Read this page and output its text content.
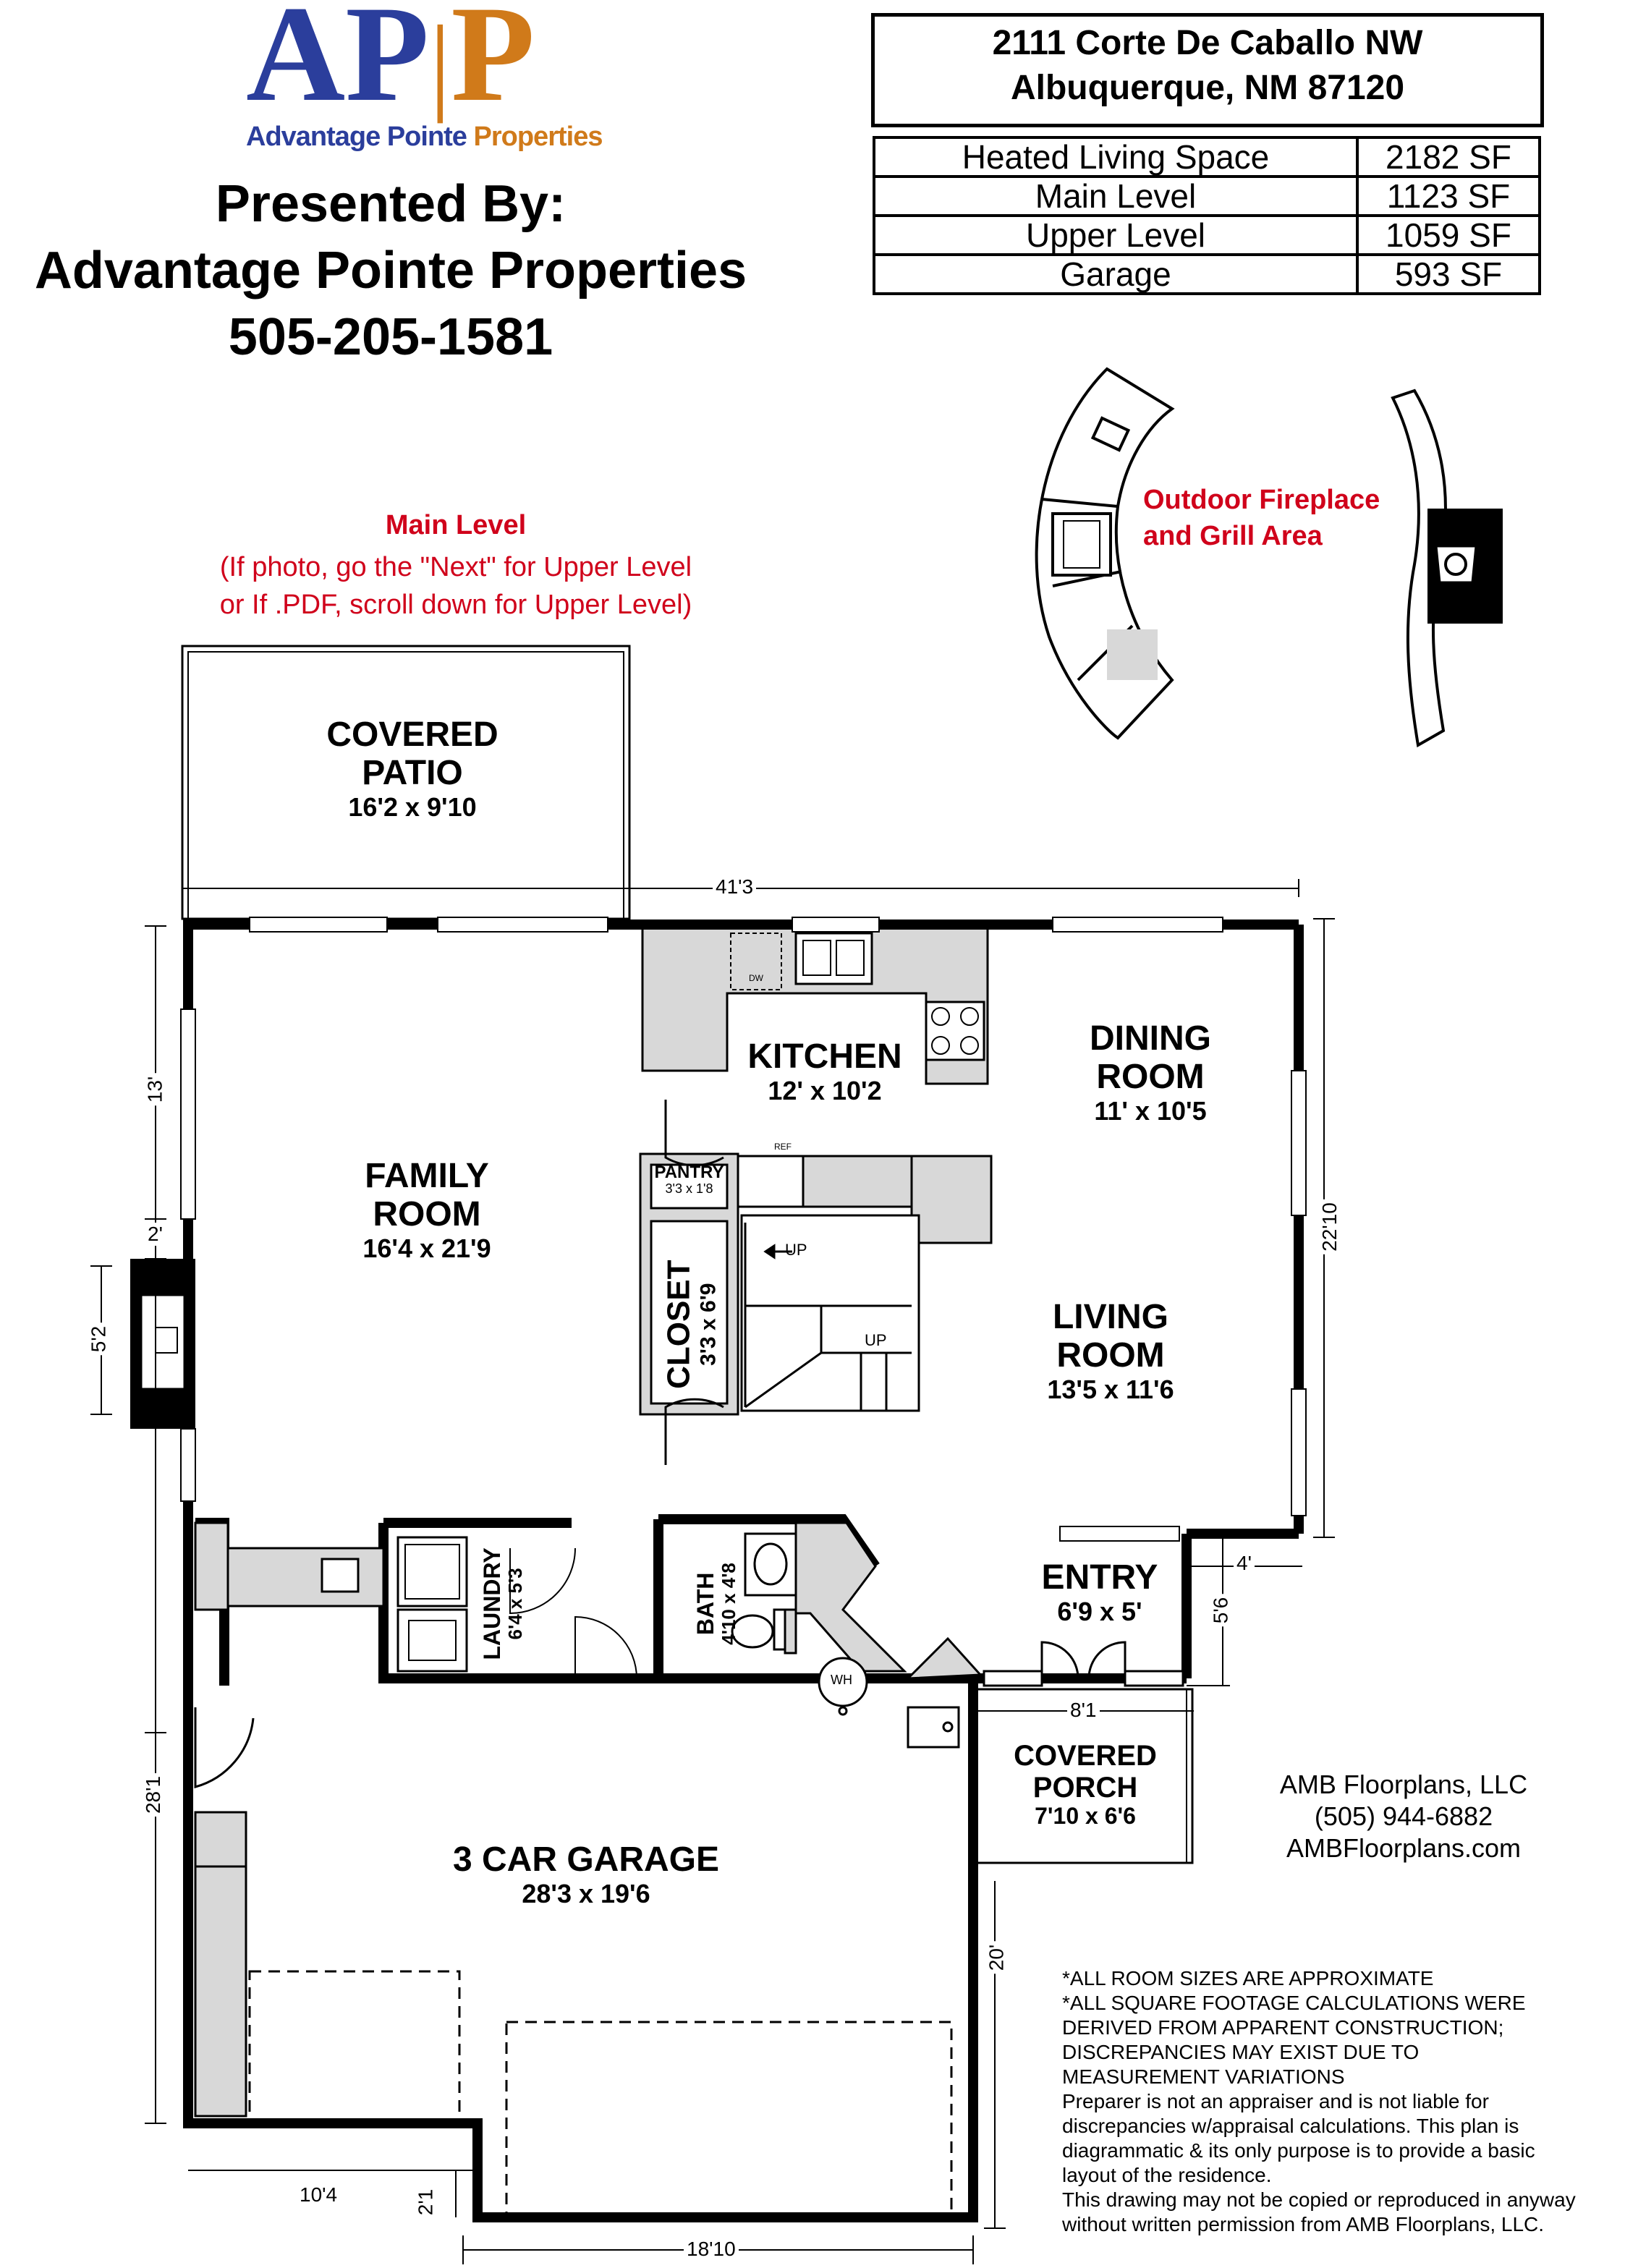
AP|P
Advantage Pointe Properties
Presented By:
Advantage Pointe Properties
505-205-1581
2111 Corte De Caballo NW
Albuquerque, NM 87120
Heated Living Space	2182 SF
Main Level	1123 SF
Upper Level	1059 SF
Garage	593 SF
Main Level
(If photo, go the "Next" for Upper Level
or If .PDF, scroll down for Upper Level)
Outdoor Fireplace
and Grill Area
COVERED
PATIO
16'2 x 9'10
FAMILY
ROOM
16'4 x 21'9
KITCHEN
12' x 10'2
DINING
ROOM
11' x 10'5
LIVING
ROOM
13'5 x 11'6
PANTRY
3'3 x 1'8
CLOSET 3'3 x 6'9
LAUNDRY 6'4 x 5'3	BATH 4'10 x 4'8	ENTRY
6'9 x 5'
COVERED
PORCH
7'10 x 6'6
3 CAR GARAGE
28'3 x 19'6
DW
REF
WH
UP
UP
41'3
13'
2'
5'2
28'1
22'10
4'
5'6
8'1
20'
10'4	2'1
18'10
AMB Floorplans, LLC
(505) 944-6882
AMBFloorplans.com
*ALL ROOM SIZES ARE APPROXIMATE
*ALL SQUARE FOOTAGE CALCULATIONS WERE
DERIVED FROM APPARENT CONSTRUCTION;
DISCREPANCIES MAY EXIST DUE TO
MEASUREMENT VARIATIONS
Preparer is not an appraiser and is not liable for
discrepancies w/appraisal calculations. This plan is
diagrammatic & its only purpose is to provide a basic
layout of the residence.
This drawing may not be copied or reproduced in anyway
without written permission from AMB Floorplans, LLC.
